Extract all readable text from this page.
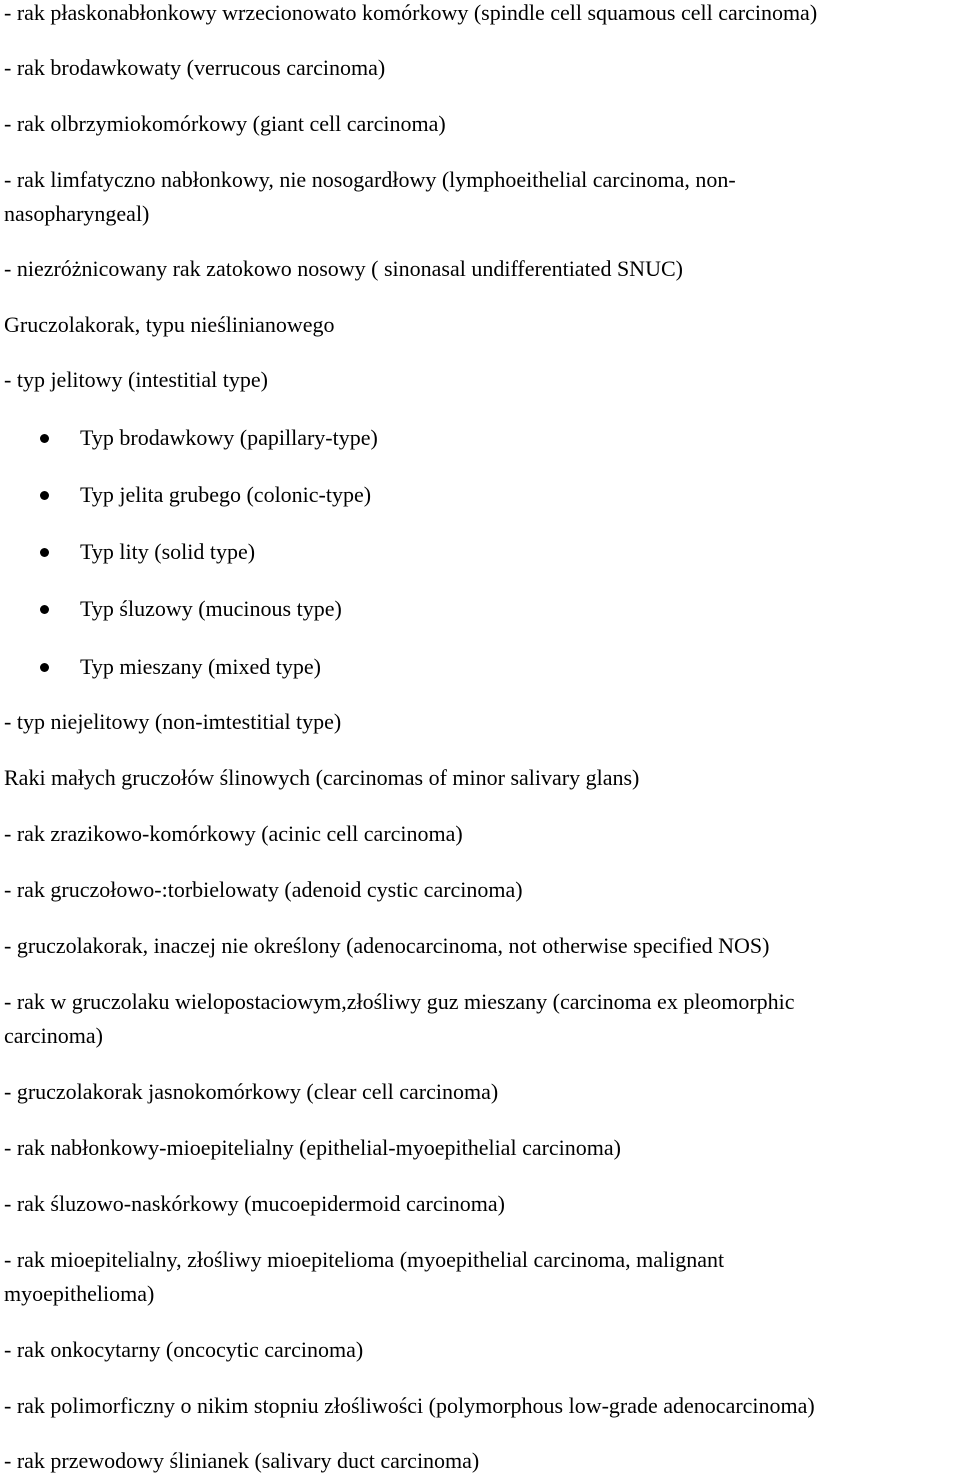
- rak płaskonabłonkowy wrzecionowato komórkowy (spindle cell squamous cell carcinoma)
- rak brodawkowaty (verrucous carcinoma)
- rak olbrzymiokomórkowy (giant cell carcinoma)
- rak limfatyczno nabłonkowy, nie nosogardłowy (lymphoeithelial carcinoma, non-
nasopharyngeal)
- niezróżnicowany rak zatokowo nosowy ( sinonasal undifferentiated SNUC)
Gruczolakorak, typu nieślinianowego
- typ jelitowy (intestitial type)
Typ brodawkowy (papillary-type)
Typ jelita grubego (colonic-type)
Typ lity (solid type)
Typ śluzowy (mucinous type)
Typ mieszany (mixed type)
- typ niejelitowy (non-imtestitial type)
Raki małych gruczołów ślinowych (carcinomas of minor salivary glans)
- rak zrazikowo-komórkowy (acinic cell carcinoma)
- rak gruczołowo-:torbielowaty (adenoid cystic carcinoma)
- gruczolakorak, inaczej nie określony (adenocarcinoma, not otherwise specified NOS)
- rak w gruczolaku wielopostaciowym,złośliwy guz mieszany (carcinoma ex pleomorphic
carcinoma)
- gruczolakorak jasnokomórkowy (clear cell carcinoma)
- rak nabłonkowy-mioepitelialny (epithelial-myoepithelial carcinoma)
- rak śluzowo-naskórkowy (mucoepidermoid carcinoma)
- rak mioepitelialny, złośliwy mioepitelioma (myoepithelial carcinoma, malignant
myoepithelioma)
- rak onkocytarny (oncocytic carcinoma)
- rak polimorficzny o nikim stopniu złośliwości (polymorphous low-grade adenocarcinoma)
- rak przewodowy ślinianek (salivary duct carcinoma)
